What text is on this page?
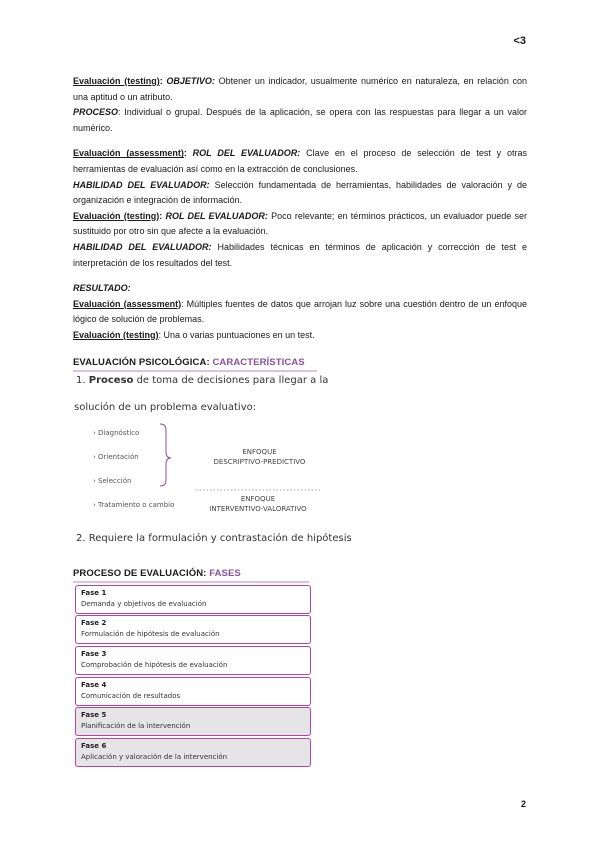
<3

Evaluación (testing): OBJETIVO: Obtener un indicador, usualmente numérico en naturaleza, en relación con una aptitud o un atributo.

PROCESO: Individual o grupal. Después de la aplicación, se opera con las respuestas para llegar a un valor numérico.

Evaluación (assessment): ROL DEL EVALUADOR: Clave en el proceso de selección de test y otras herramientas de evaluación así como en la extracción de conclusiones.

HABILIDAD DEL EVALUADOR: Selección fundamentada de herramientas, habilidades de valoración y de organización e integración de información.

Evaluación (testing): ROL DEL EVALUADOR: Poco relevante; en términos prácticos, un evaluador puede ser sustituido por otro sin que afecte a la evaluación.

HABILIDAD DEL EVALUADOR: Habilidades técnicas en términos de aplicación y corrección de test e interpretación de los resultados del test.

RESULTADO:

Evaluación (assessment): Múltiples fuentes de datos que arrojan luz sobre una cuestión dentro de un enfoque lógico de solución de problemas.

Evaluación (testing): Una o varias puntuaciones en un test.

EVALUACIÓN PSICOLÓGICA: CARACTERÍSTICAS
1. Proceso de toma de decisiones para llegar a la
solución de un problema evaluativo:
› Diagnóstico
› Orientación
› Selección
› Tratamiento o cambio
ENFOQUE
DESCRIPTIVO-PREDICTIVO
ENFOQUE
INTERVENTIVO-VALORATIVO
2. Requiere la formulación y contrastación de hipótesis
PROCESO DE EVALUACIÓN: FASES
Fase 1
Demanda y objetivos de evaluación
Fase 2
Formulación de hipótesis de evaluación
Fase 3
Comprobación de hipótesis de evaluación
Fase 4
Comunicación de resultados
Fase 5
Planificación de la intervención
Fase 6
Aplicación y valoración de la intervención
2
